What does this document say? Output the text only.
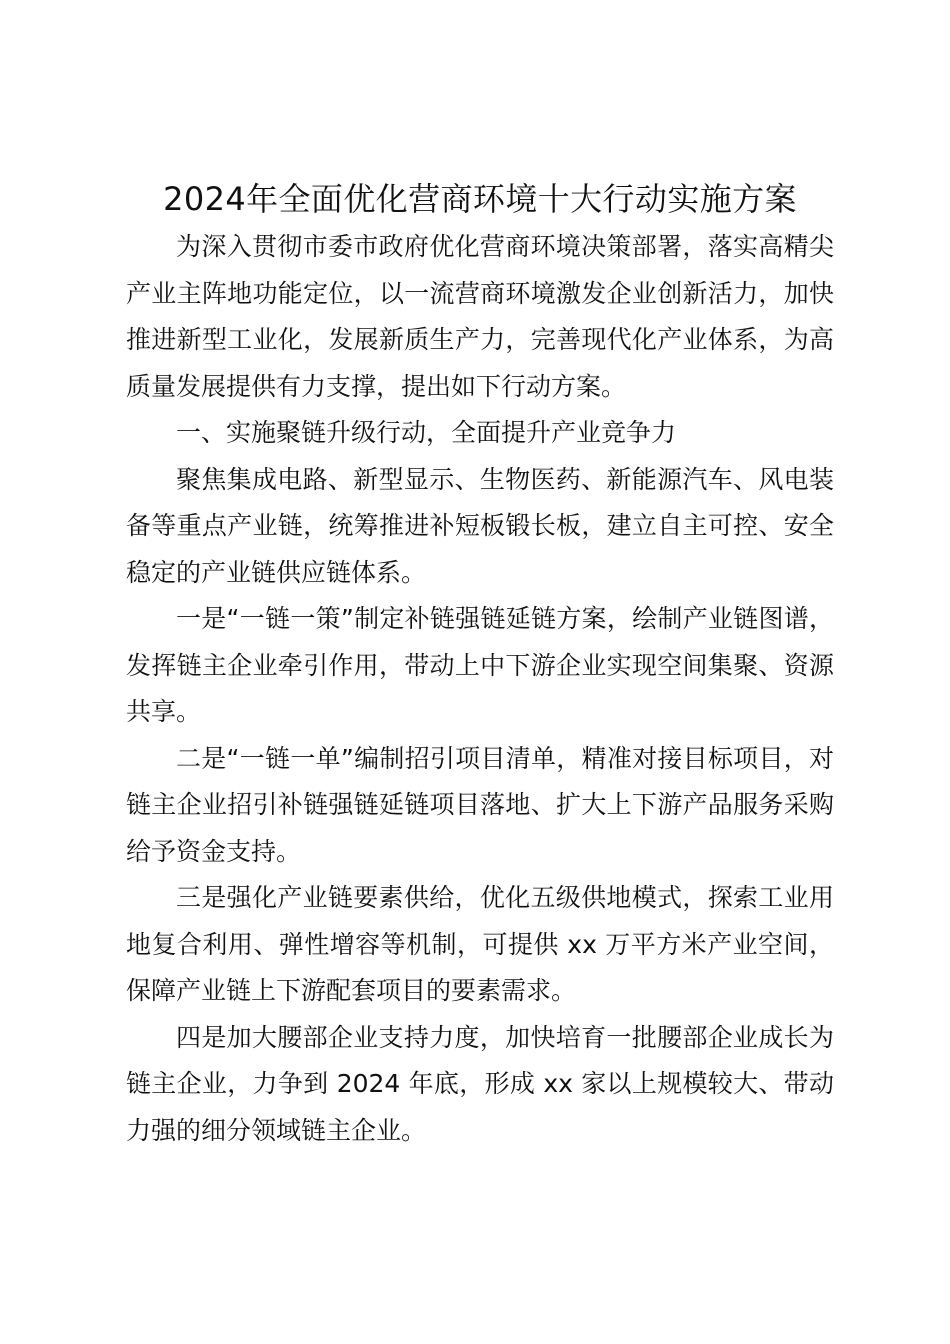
2024年全面优化营商环境十大行动实施方案

为深入贯彻市委市政府优化营商环境决策部署，落实高精尖产业主阵地功能定位，以一流营商环境激发企业创新活力，加快推进新型工业化，发展新质生产力，完善现代化产业体系，为高质量发展提供有力支撑，提出如下行动方案。

一、实施聚链升级行动，全面提升产业竞争力

聚焦集成电路、新型显示、生物医药、新能源汽车、风电装备等重点产业链，统筹推进补短板锻长板，建立自主可控、安全稳定的产业链供应链体系。

一是“一链一策”制定补链强链延链方案，绘制产业链图谱，发挥链主企业牵引作用，带动上中下游企业实现空间集聚、资源共享。

二是“一链一单”编制招引项目清单，精准对接目标项目，对链主企业招引补链强链延链项目落地、扩大上下游产品服务采购给予资金支持。

三是强化产业链要素供给，优化五级供地模式，探索工业用地复合利用、弹性增容等机制，可提供 xx 万平方米产业空间，保障产业链上下游配套项目的要素需求。

四是加大腰部企业支持力度，加快培育一批腰部企业成长为链主企业，力争到 2024 年底，形成 xx 家以上规模较大、带动力强的细分领域链主企业。
